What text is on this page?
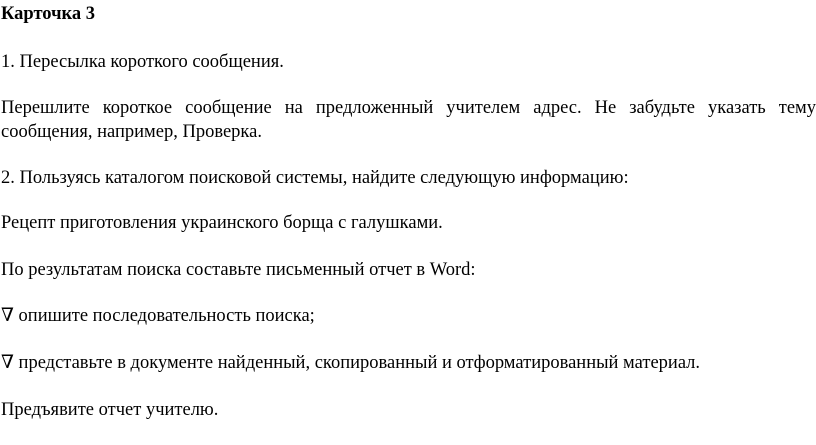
Карточка 3

1. Пересылка короткого сообщения.

Перешлите короткое сообщение на предложенный учителем адрес. Не забудьте указать тему

сообщения, например, Проверка.

2. Пользуясь каталогом поисковой системы, найдите следующую информацию:

Рецепт приготовления украинского борща с галушками.

По результатам поиска составьте письменный отчет в Word:

∇ опишите последовательность поиска;

∇ представьте в документе найденный, скопированный и отформатированный материал.

Предъявите отчет учителю.
